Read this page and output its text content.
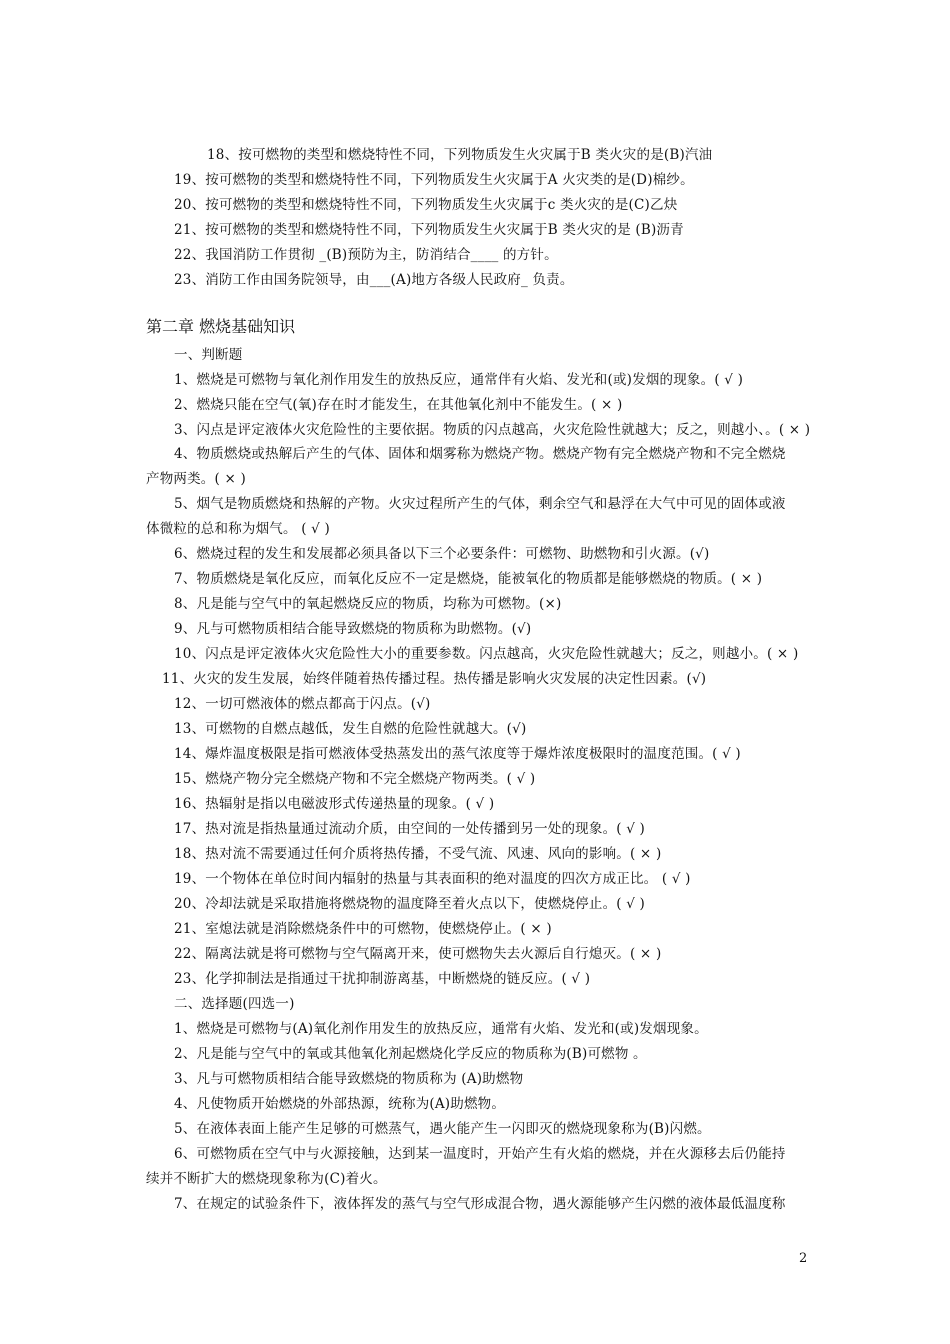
18、按可燃物的类型和燃烧特性不同，下列物质发生火灾属于B 类火灾的是(B)汽油
19、按可燃物的类型和燃烧特性不同，下列物质发生火灾属于A 火灾类的是(D)棉纱。
20、按可燃物的类型和燃烧特性不同，下列物质发生火灾属于c 类火灾的是(C)乙炔
21、按可燃物的类型和燃烧特性不同，下列物质发生火灾属于B 类火灾的是 (B)沥青
22、我国消防工作贯彻 _(B)预防为主，防消结合____ 的方针。
23、消防工作由国务院领导，由___(A)地方各级人民政府_ 负责。
第二章 燃烧基础知识
一、判断题
1、燃烧是可燃物与氧化剂作用发生的放热反应，通常伴有火焰、发光和(或)发烟的现象。( √ )
2、燃烧只能在空气(氧)存在时才能发生，在其他氧化剂中不能发生。( × )
3、闪点是评定液体火灾危险性的主要依据。物质的闪点越高，火灾危险性就越大；反之，则越小、。( × )
4、物质燃烧或热解后产生的气体、固体和烟雾称为燃烧产物。燃烧产物有完全燃烧产物和不完全燃烧
产物两类。( × )
5、烟气是物质燃烧和热解的产物。火灾过程所产生的气体，剩余空气和悬浮在大气中可见的固体或液
体微粒的总和称为烟气。 ( √ )
6、燃烧过程的发生和发展都必须具备以下三个必要条件：可燃物、助燃物和引火源。(√)
7、物质燃烧是氧化反应，而氧化反应不一定是燃烧，能被氧化的物质都是能够燃烧的物质。( × )
8、凡是能与空气中的氧起燃烧反应的物质，均称为可燃物。(×)
9、凡与可燃物质相结合能导致燃烧的物质称为助燃物。(√)
10、闪点是评定液体火灾危险性大小的重要参数。闪点越高，火灾危险性就越大；反之，则越小。( × )
11、火灾的发生发展，始终伴随着热传播过程。热传播是影响火灾发展的决定性因素。(√)
12、一切可燃液体的燃点都高于闪点。(√)
13、可燃物的自燃点越低，发生自燃的危险性就越大。(√)
14、爆炸温度极限是指可燃液体受热蒸发出的蒸气浓度等于爆炸浓度极限时的温度范围。( √ )
15、燃烧产物分完全燃烧产物和不完全燃烧产物两类。( √ )
16、热辐射是指以电磁波形式传递热量的现象。( √ )
17、热对流是指热量通过流动介质，由空间的一处传播到另一处的现象。( √ )
18、热对流不需要通过任何介质将热传播，不受气流、风速、风向的影响。( × )
19、一个物体在单位时间内辐射的热量与其表面积的绝对温度的四次方成正比。 ( √ )
20、冷却法就是采取措施将燃烧物的温度降至着火点以下，使燃烧停止。( √ )
21、室熄法就是消除燃烧条件中的可燃物，使燃烧停止。( × )
22、隔离法就是将可燃物与空气隔离开来，使可燃物失去火源后自行熄灭。( × )
23、化学抑制法是指通过干扰抑制游离基，中断燃烧的链反应。( √ )
二、选择题(四选一)
1、燃烧是可燃物与(A)氧化剂作用发生的放热反应，通常有火焰、发光和(或)发烟现象。
2、凡是能与空气中的氧或其他氧化剂起燃烧化学反应的物质称为(B)可燃物 。
3、凡与可燃物质相结合能导致燃烧的物质称为 (A)助燃物
4、凡使物质开始燃烧的外部热源，统称为(A)助燃物。
5、在液体表面上能产生足够的可燃蒸气，遇火能产生一闪即灭的燃烧现象称为(B)闪燃。
6、可燃物质在空气中与火源接触，达到某一温度时，开始产生有火焰的燃烧，并在火源移去后仍能持
续并不断扩大的燃烧现象称为(C)着火。
7、在规定的试验条件下，液体挥发的蒸气与空气形成混合物，遇火源能够产生闪燃的液体最低温度称
2
